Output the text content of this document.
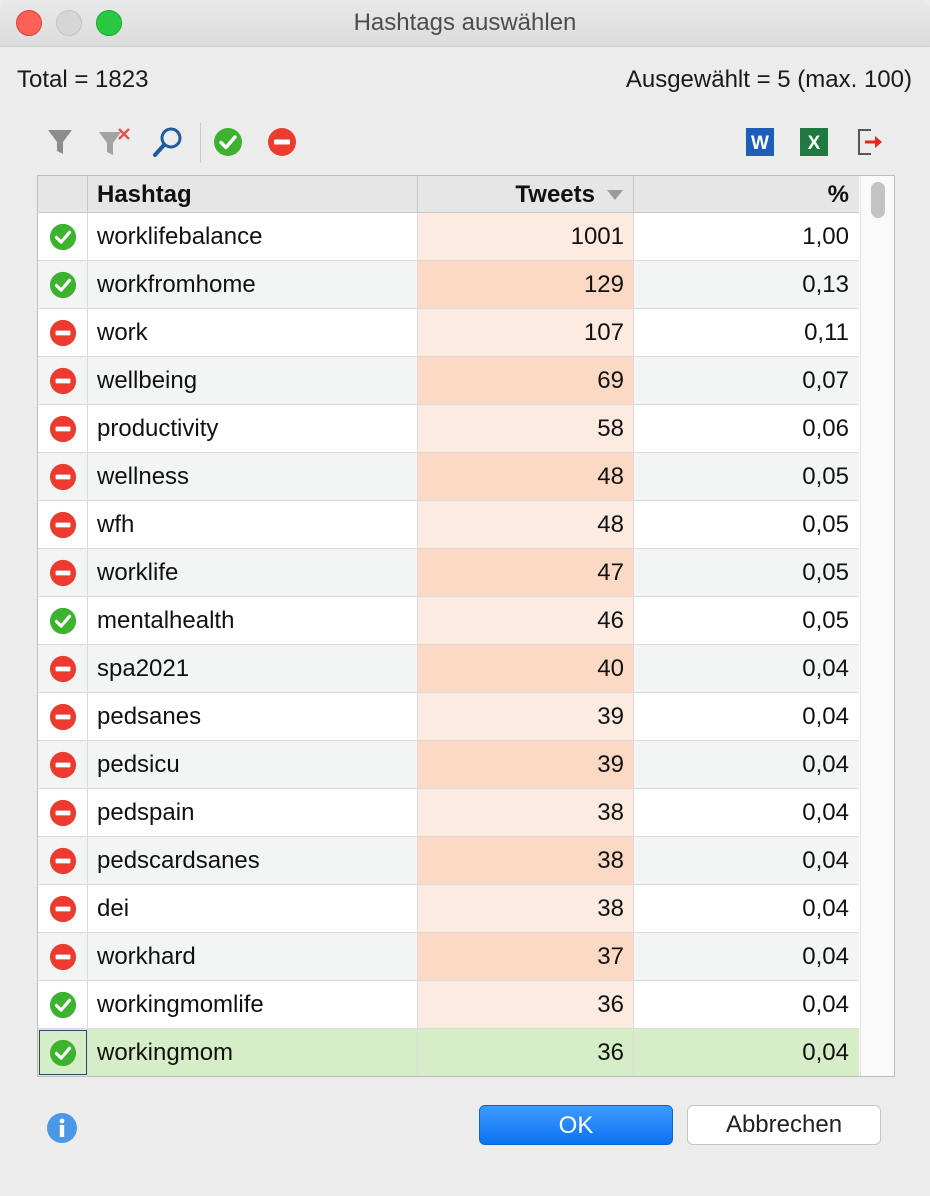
Hashtags auswählen
Total = 1823	Ausgewählt = 5 (max. 100)
W X
Hashtag	Tweets	%
worklifebalance	1001	1,00
workfromhome	129	0,13
work	107	0,11
wellbeing	69	0,07
productivity	58	0,06
wellness	48	0,05
wfh	48	0,05
worklife	47	0,05
mentalhealth	46	0,05
spa2021	40	0,04
pedsanes	39	0,04
pedsicu	39	0,04
pedspain	38	0,04
pedscardsanes	38	0,04
dei	38	0,04
workhard	37	0,04
workingmomlife	36	0,04
workingmom	36	0,04
OK	Abbrechen
